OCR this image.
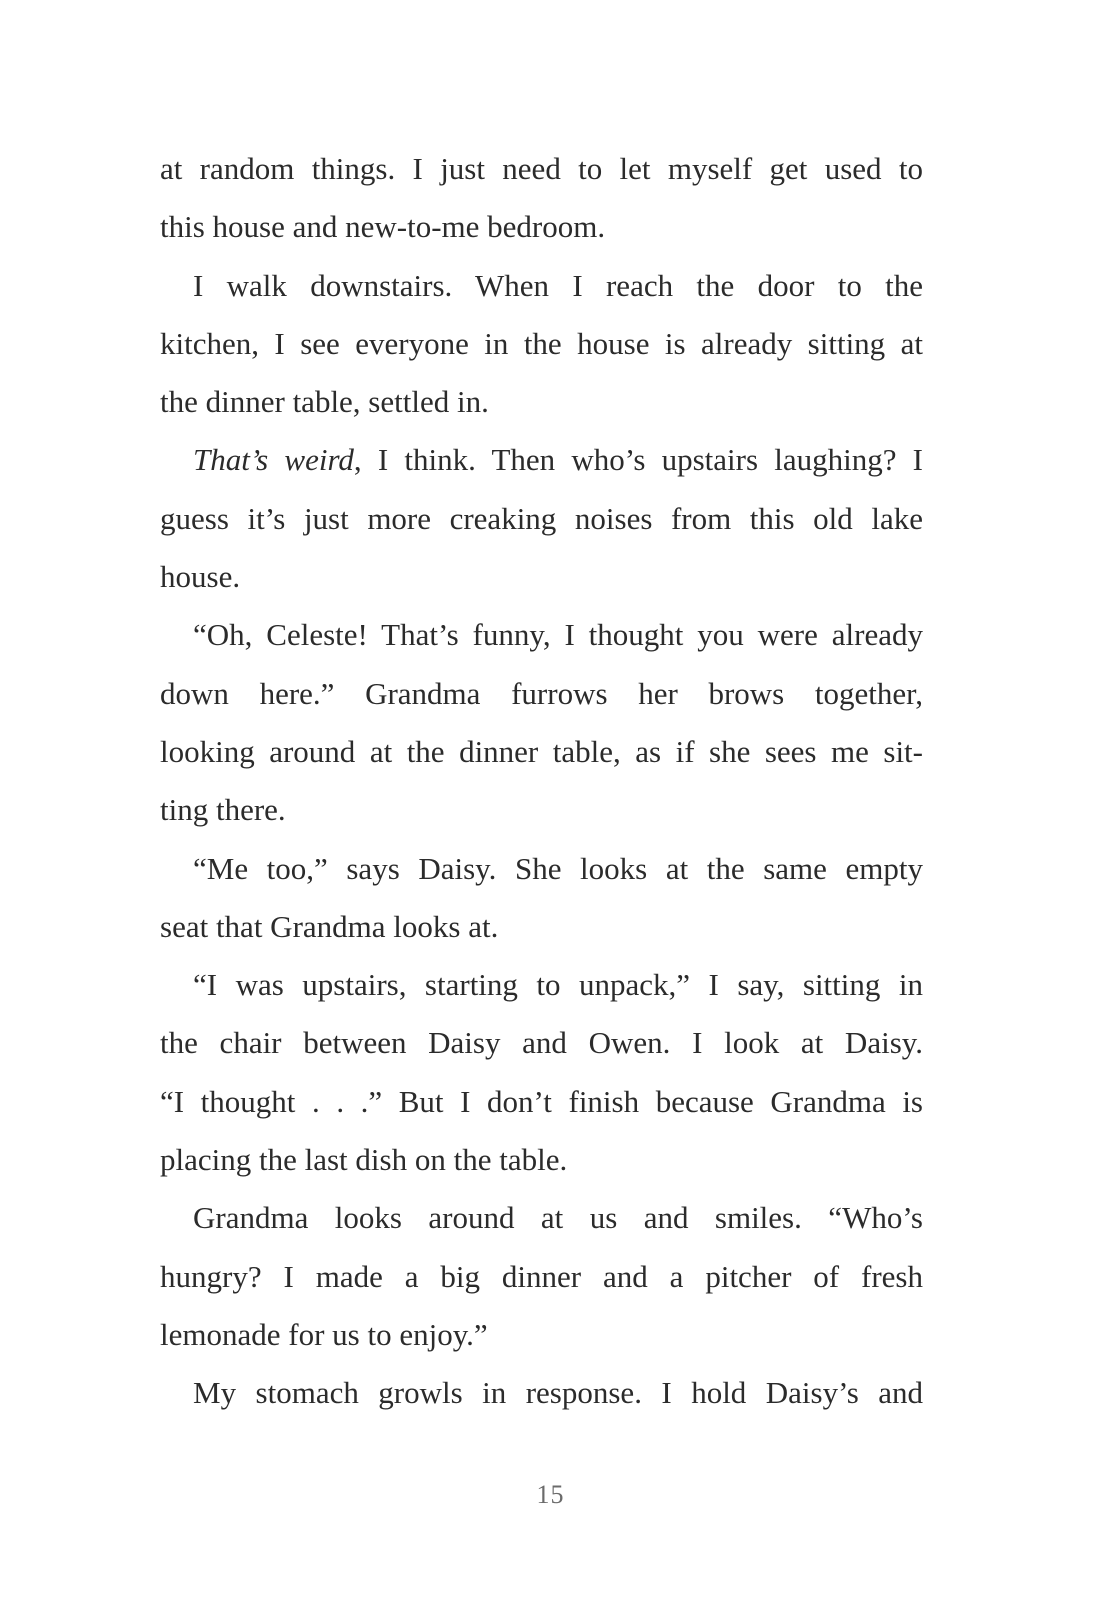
at random things. I just need to let myself get used to
this house and new-to-me bedroom.
I walk downstairs. When I reach the door to the
kitchen, I see everyone in the house is already sitting at
the dinner table, settled in.
That’s weird, I think. Then who’s upstairs laughing? I
guess it’s just more creaking noises from this old lake
house.
“Oh, Celeste! That’s funny, I thought you were already
down here.” Grandma furrows her brows together,
looking around at the dinner table, as if she sees me sit-
ting there.
“Me too,” says Daisy. She looks at the same empty
seat that Grandma looks at.
“I was upstairs, starting to unpack,” I say, sitting in
the chair between Daisy and Owen. I look at Daisy.
“I thought . . .” But I don’t finish because Grandma is
placing the last dish on the table.
Grandma looks around at us and smiles. “Who’s
hungry? I made a big dinner and a pitcher of fresh
lemonade for us to enjoy.”
My stomach growls in response. I hold Daisy’s and
15
